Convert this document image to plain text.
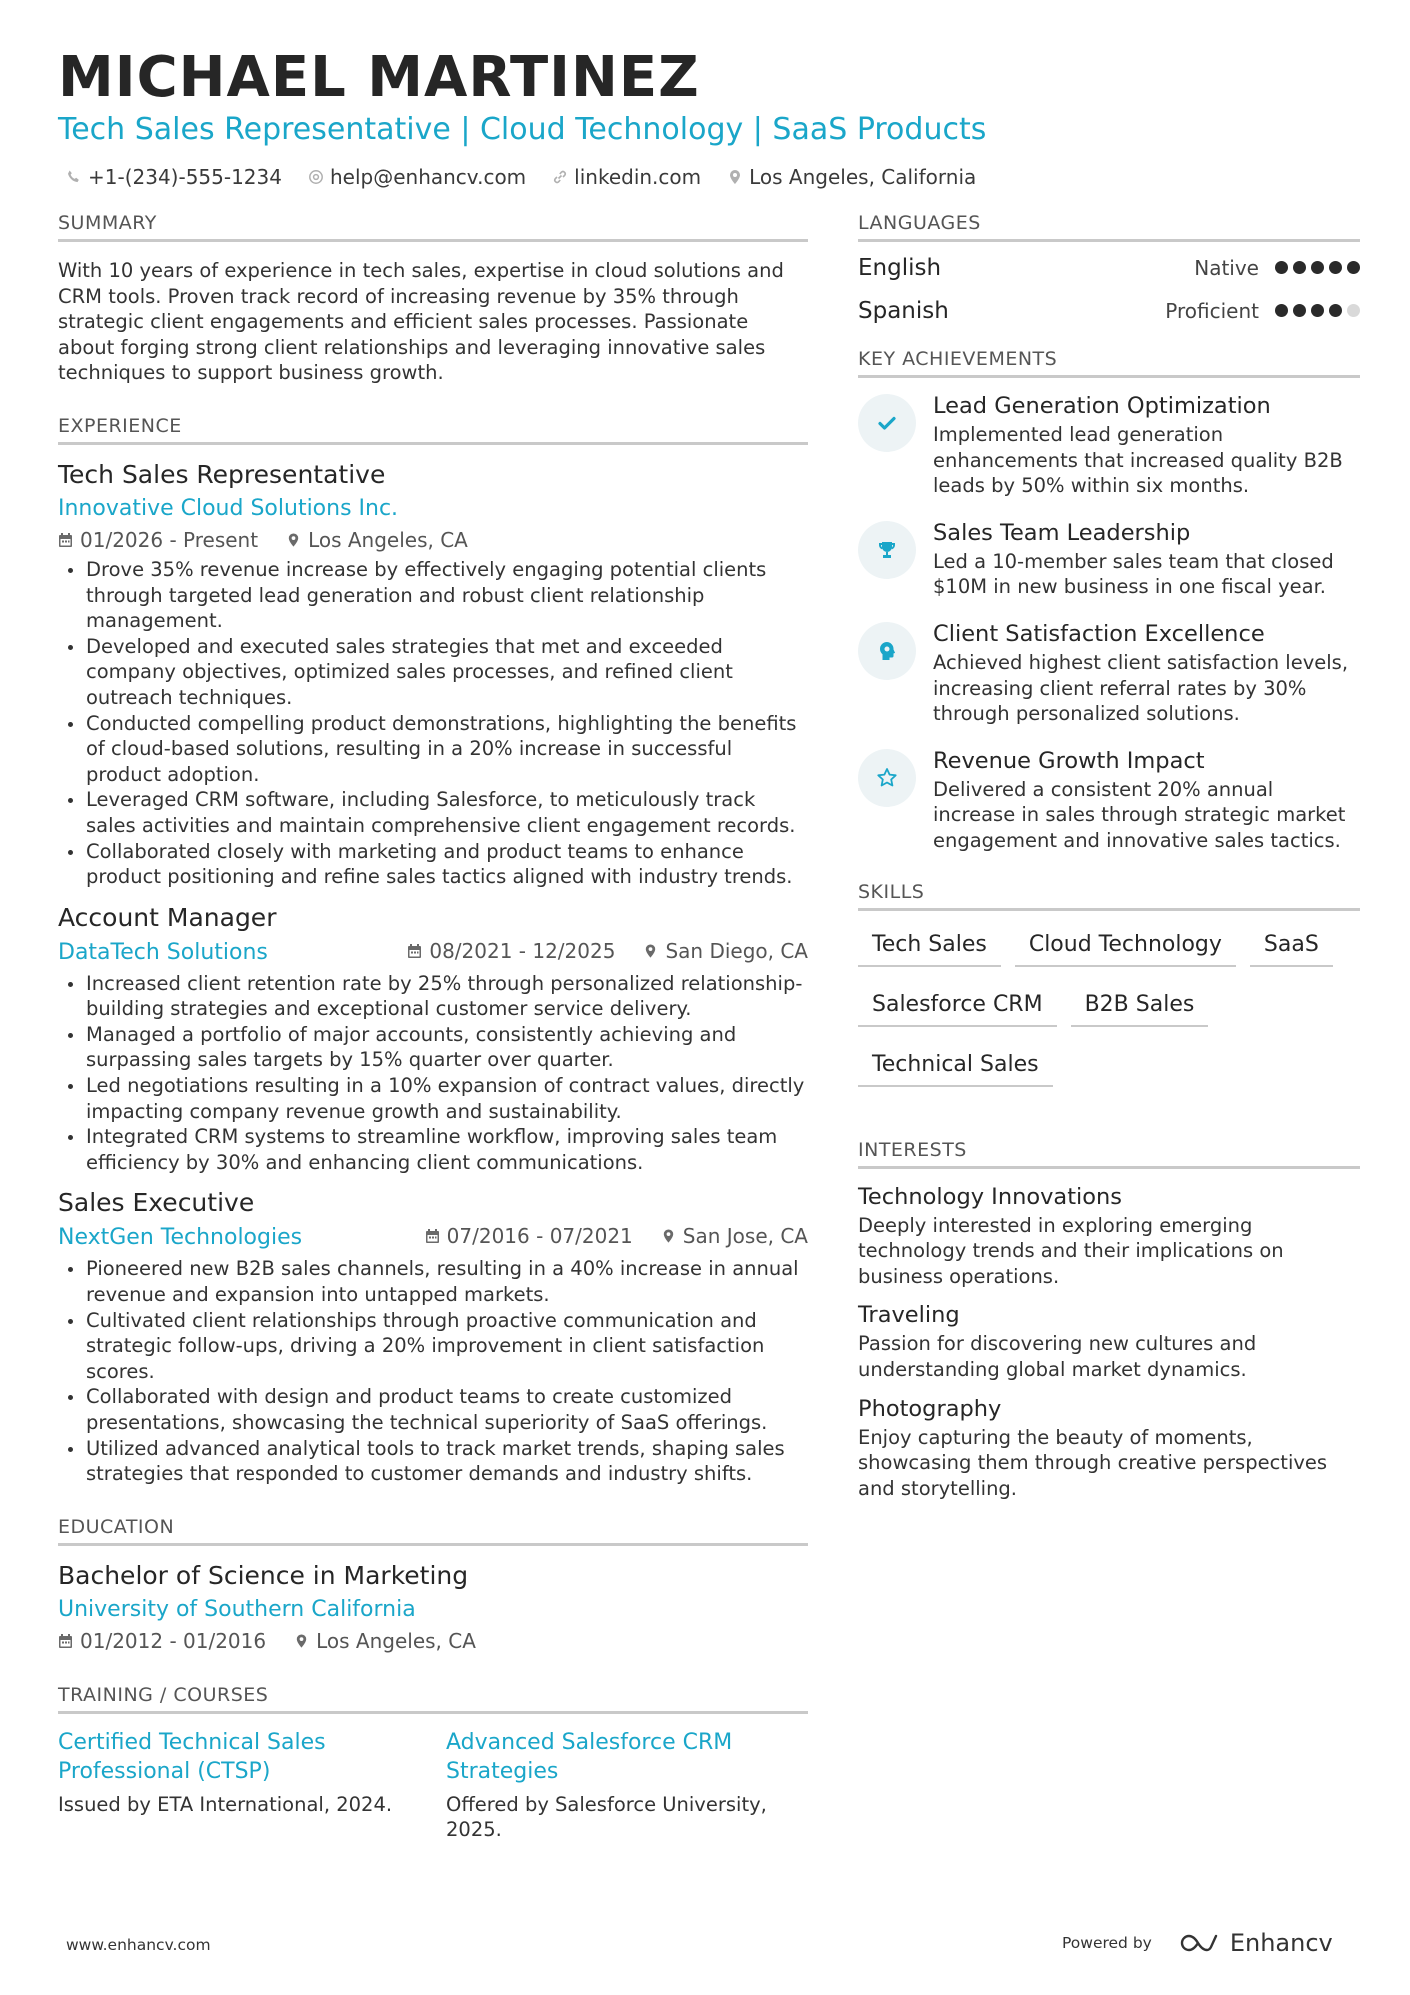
MICHAEL MARTINEZ
Tech Sales Representative | Cloud Technology | SaaS Products
+1-(234)-555-1234 help@enhancv.com linkedin.com Los Angeles, California
SUMMARY
With 10 years of experience in tech sales, expertise in cloud solutions and CRM tools. Proven track record of increasing revenue by 35% through strategic client engagements and efficient sales processes. Passionate about forging strong client relationships and leveraging innovative sales techniques to support business growth.
EXPERIENCE
Tech Sales Representative
Innovative Cloud Solutions Inc.
01/2026 - Present	Los Angeles, CA
Drove 35% revenue increase by effectively engaging potential clients through targeted lead generation and robust client relationship management.
Developed and executed sales strategies that met and exceeded company objectives, optimized sales processes, and refined client outreach techniques.
Conducted compelling product demonstrations, highlighting the benefits of cloud-based solutions, resulting in a 20% increase in successful product adoption.
Leveraged CRM software, including Salesforce, to meticulously track sales activities and maintain comprehensive client engagement records.
Collaborated closely with marketing and product teams to enhance product positioning and refine sales tactics aligned with industry trends.
Account Manager
DataTech Solutions	08/2021 - 12/2025	San Diego, CA
Increased client retention rate by 25% through personalized relationship-building strategies and exceptional customer service delivery.
Managed a portfolio of major accounts, consistently achieving and surpassing sales targets by 15% quarter over quarter.
Led negotiations resulting in a 10% expansion of contract values, directly impacting company revenue growth and sustainability.
Integrated CRM systems to streamline workflow, improving sales team efficiency by 30% and enhancing client communications.
Sales Executive
NextGen Technologies	07/2016 - 07/2021	San Jose, CA
Pioneered new B2B sales channels, resulting in a 40% increase in annual revenue and expansion into untapped markets.
Cultivated client relationships through proactive communication and strategic follow-ups, driving a 20% improvement in client satisfaction scores.
Collaborated with design and product teams to create customized presentations, showcasing the technical superiority of SaaS offerings.
Utilized advanced analytical tools to track market trends, shaping sales strategies that responded to customer demands and industry shifts.
EDUCATION
Bachelor of Science in Marketing
University of Southern California
01/2012 - 01/2016	Los Angeles, CA
TRAINING / COURSES
Certified Technical Sales Professional (CTSP)
Issued by ETA International, 2024.
Advanced Salesforce CRM Strategies
Offered by Salesforce University, 2025.
LANGUAGES
English	Native
Spanish	Proficient
KEY ACHIEVEMENTS
Lead Generation Optimization
Implemented lead generation enhancements that increased quality B2B leads by 50% within six months.
Sales Team Leadership
Led a 10-member sales team that closed $10M in new business in one fiscal year.
Client Satisfaction Excellence
Achieved highest client satisfaction levels, increasing client referral rates by 30% through personalized solutions.
Revenue Growth Impact
Delivered a consistent 20% annual increase in sales through strategic market engagement and innovative sales tactics.
SKILLS
Tech Sales	Cloud Technology	SaaS
Salesforce CRM	B2B Sales
Technical Sales
INTERESTS
Technology Innovations
Deeply interested in exploring emerging technology trends and their implications on business operations.
Traveling
Passion for discovering new cultures and understanding global market dynamics.
Photography
Enjoy capturing the beauty of moments, showcasing them through creative perspectives and storytelling.
www.enhancv.com	Powered by	Enhancv
